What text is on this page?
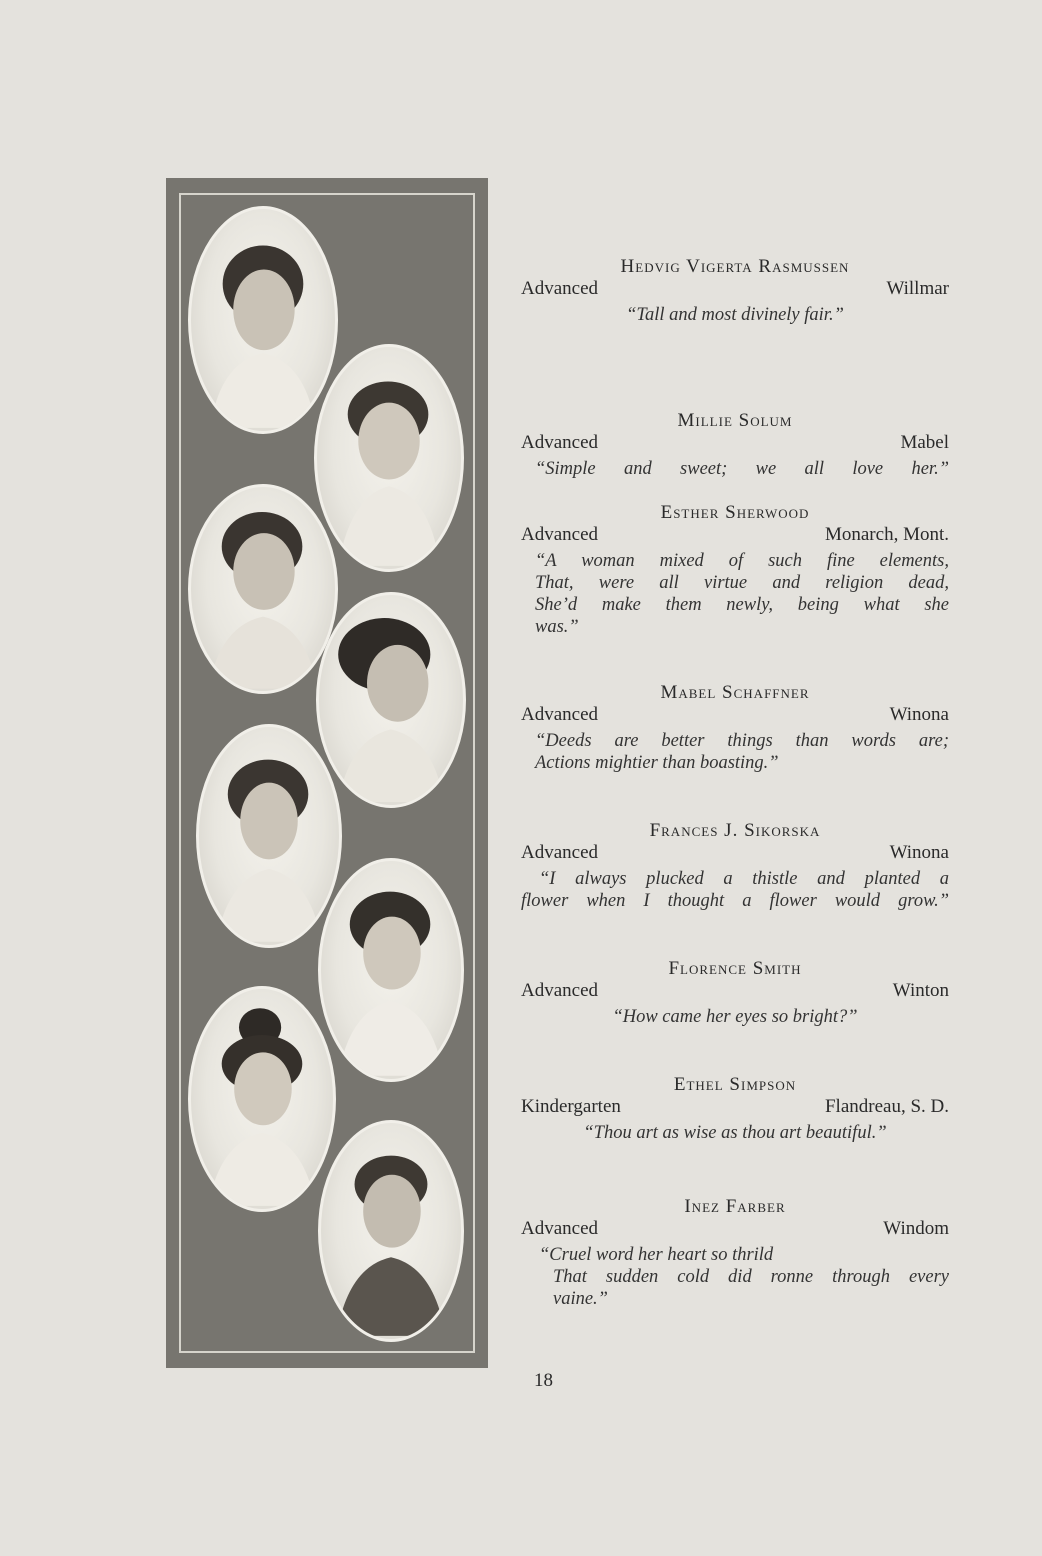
Hedvig Vigerta Rasmussen
Advanced	Willmar
“Tall and most divinely fair.”
Millie Solum
Advanced	Mabel
“Simple and sweet; we all love her.”
Esther Sherwood
Advanced	Monarch, Mont.
“A woman mixed of such fine elements,
That, were all virtue and religion dead,
She’d make them newly, being what she
was.”
Mabel Schaffner
Advanced	Winona
“Deeds are better things than words are;
Actions mightier than boasting.”
Frances J. Sikorska
Advanced	Winona
“I always plucked a thistle and planted a
flower when I thought a flower would grow.”
Florence Smith
Advanced	Winton
“How came her eyes so bright?”
Ethel Simpson
Kindergarten	Flandreau, S. D.
“Thou art as wise as thou art beautiful.”
Inez Farber
Advanced	Windom
“Cruel word her heart so thrild
That sudden cold did ronne through every
vaine.”
18
